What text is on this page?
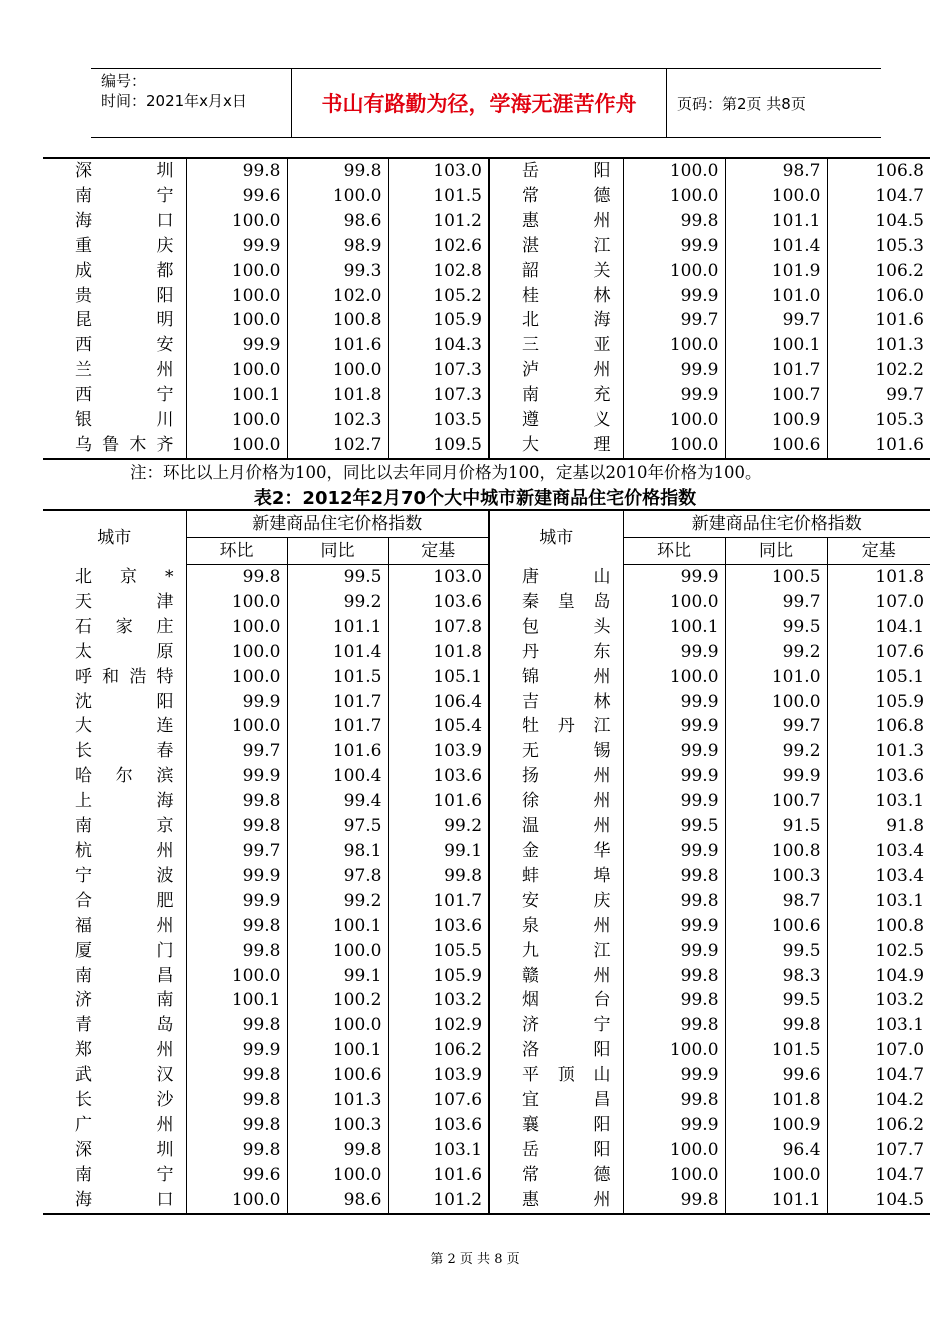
编号：
时间：2021年x月x日	书山有路勤为径，学海无涯苦作舟	页码：第2页 共8页
深圳	99.8	99.8	103.0	岳阳	100.0	98.7	106.8
南宁	99.6	100.0	101.5	常德	100.0	100.0	104.7
海口	100.0	98.6	101.2	惠州	99.8	101.1	104.5
重庆	99.9	98.9	102.6	湛江	99.9	101.4	105.3
成都	100.0	99.3	102.8	韶关	100.0	101.9	106.2
贵阳	100.0	102.0	105.2	桂林	99.9	101.0	106.0
昆明	100.0	100.8	105.9	北海	99.7	99.7	101.6
西安	99.9	101.6	104.3	三亚	100.0	100.1	101.3
兰州	100.0	100.0	107.3	泸州	99.9	101.7	102.2
西宁	100.1	101.8	107.3	南充	99.9	100.7	99.7
银川	100.0	102.3	103.5	遵义	100.0	100.9	105.3
乌鲁木齐	100.0	102.7	109.5	大理	100.0	100.6	101.6
注：环比以上月价格为100，同比以去年同月价格为100，定基以2010年价格为100。
表2：2012年2月70个大中城市新建商品住宅价格指数
城市	新建商品住宅价格指数			城市	新建商品住宅价格指数		
	环比	同比	定基		环比	同比	定基
北京*	99.8	99.5	103.0	唐山	99.9	100.5	101.8
天津	100.0	99.2	103.6	秦皇岛	100.0	99.7	107.0
石家庄	100.0	101.1	107.8	包头	100.1	99.5	104.1
太原	100.0	101.4	101.8	丹东	99.9	99.2	107.6
呼和浩特	100.0	101.5	105.1	锦州	100.0	101.0	105.1
沈阳	99.9	101.7	106.4	吉林	99.9	100.0	105.9
大连	100.0	101.7	105.4	牡丹江	99.9	99.7	106.8
长春	99.7	101.6	103.9	无锡	99.9	99.2	101.3
哈尔滨	99.9	100.4	103.6	扬州	99.9	99.9	103.6
上海	99.8	99.4	101.6	徐州	99.9	100.7	103.1
南京	99.8	97.5	99.2	温州	99.5	91.5	91.8
杭州	99.7	98.1	99.1	金华	99.9	100.8	103.4
宁波	99.9	97.8	99.8	蚌埠	99.8	100.3	103.4
合肥	99.9	99.2	101.7	安庆	99.8	98.7	103.1
福州	99.8	100.1	103.6	泉州	99.9	100.6	100.8
厦门	99.8	100.0	105.5	九江	99.9	99.5	102.5
南昌	100.0	99.1	105.9	赣州	99.8	98.3	104.9
济南	100.1	100.2	103.2	烟台	99.8	99.5	103.2
青岛	99.8	100.0	102.9	济宁	99.8	99.8	103.1
郑州	99.9	100.1	106.2	洛阳	100.0	101.5	107.0
武汉	99.8	100.6	103.9	平顶山	99.9	99.6	104.7
长沙	99.8	101.3	107.6	宜昌	99.8	101.8	104.2
广州	99.8	100.3	103.6	襄阳	99.9	100.9	106.2
深圳	99.8	99.8	103.1	岳阳	100.0	96.4	107.7
南宁	99.6	100.0	101.6	常德	100.0	100.0	104.7
海口	100.0	98.6	101.2	惠州	99.8	101.1	104.5
第 2 页 共 8 页
